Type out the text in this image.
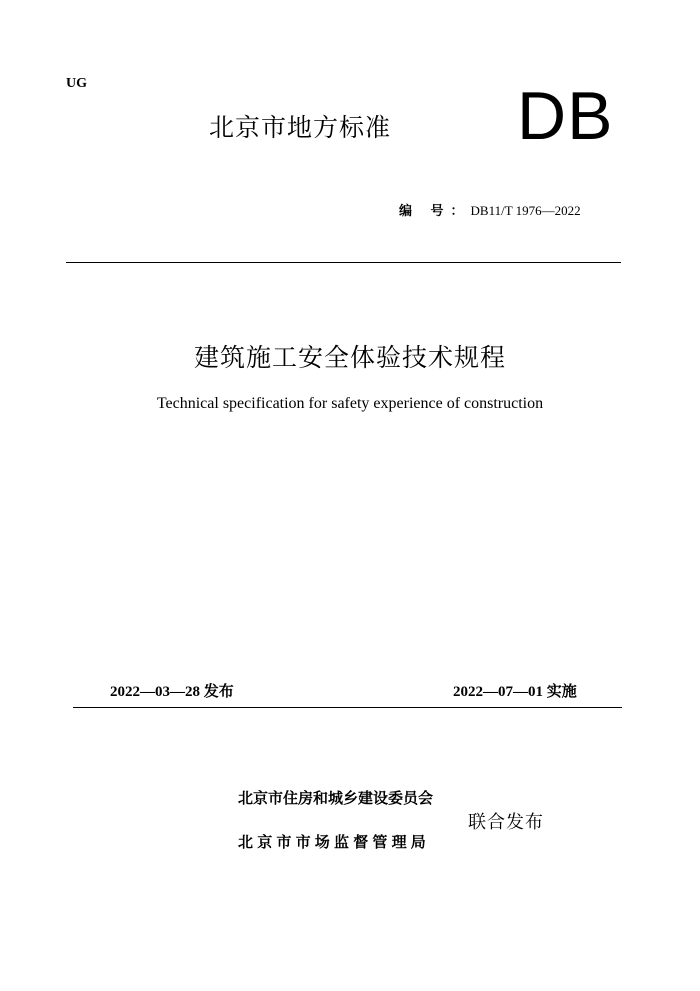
UG
北京市地方标准 DB
编 号：DB11/T 1976—2022
建筑施工安全体验技术规程
Technical specification for safety experience of construction
2022—03—28 发布	2022—07—01 实施
北京市住房和城乡建设委员会
北京市市场监督管理局
联合发布
